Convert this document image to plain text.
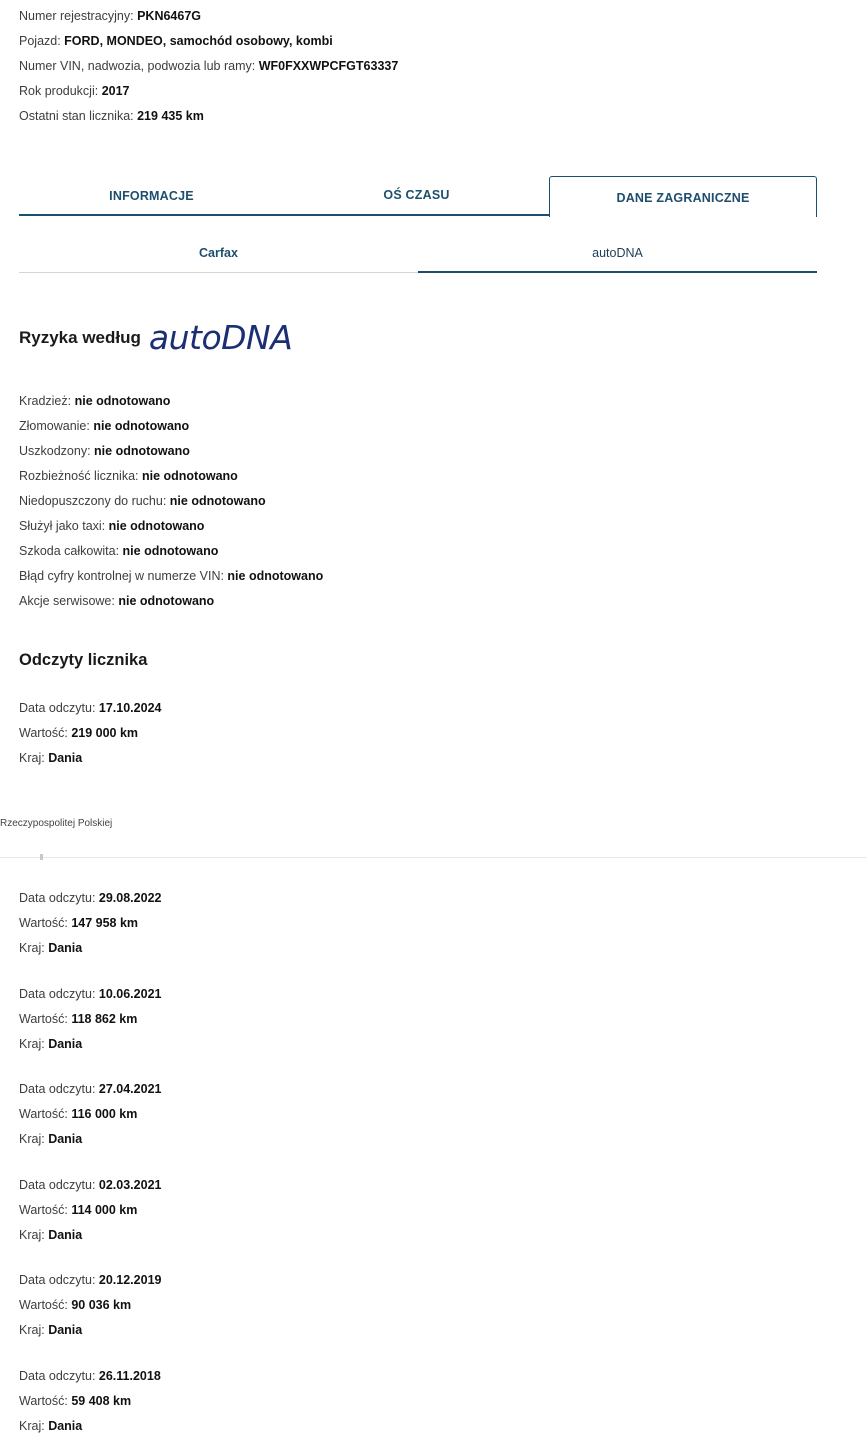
Numer rejestracyjny: PKN6467G
Pojazd: FORD, MONDEO, samochód osobowy, kombi
Numer VIN, nadwozia, podwozia lub ramy: WF0FXXWPCFGT63337
Rok produkcji: 2017
Ostatni stan licznika: 219 435 km
INFORMACJE	OŚ CZASU	DANE ZAGRANICZNE
Carfax	autoDNA
Ryzyka według autoDNA
Kradzież: nie odnotowano
Złomowanie: nie odnotowano
Uszkodzony: nie odnotowano
Rozbieżność licznika: nie odnotowano
Niedopuszczony do ruchu: nie odnotowano
Służył jako taxi: nie odnotowano
Szkoda całkowita: nie odnotowano
Błąd cyfry kontrolnej w numerze VIN: nie odnotowano
Akcje serwisowe: nie odnotowano
Odczyty licznika
Data odczytu: 17.10.2024
Wartość: 219 000 km
Kraj: Dania
Rzeczypospolitej Polskiej
Data odczytu: 29.08.2022
Wartość: 147 958 km
Kraj: Dania
Data odczytu: 10.06.2021
Wartość: 118 862 km
Kraj: Dania
Data odczytu: 27.04.2021
Wartość: 116 000 km
Kraj: Dania
Data odczytu: 02.03.2021
Wartość: 114 000 km
Kraj: Dania
Data odczytu: 20.12.2019
Wartość: 90 036 km
Kraj: Dania
Data odczytu: 26.11.2018
Wartość: 59 408 km
Kraj: Dania
